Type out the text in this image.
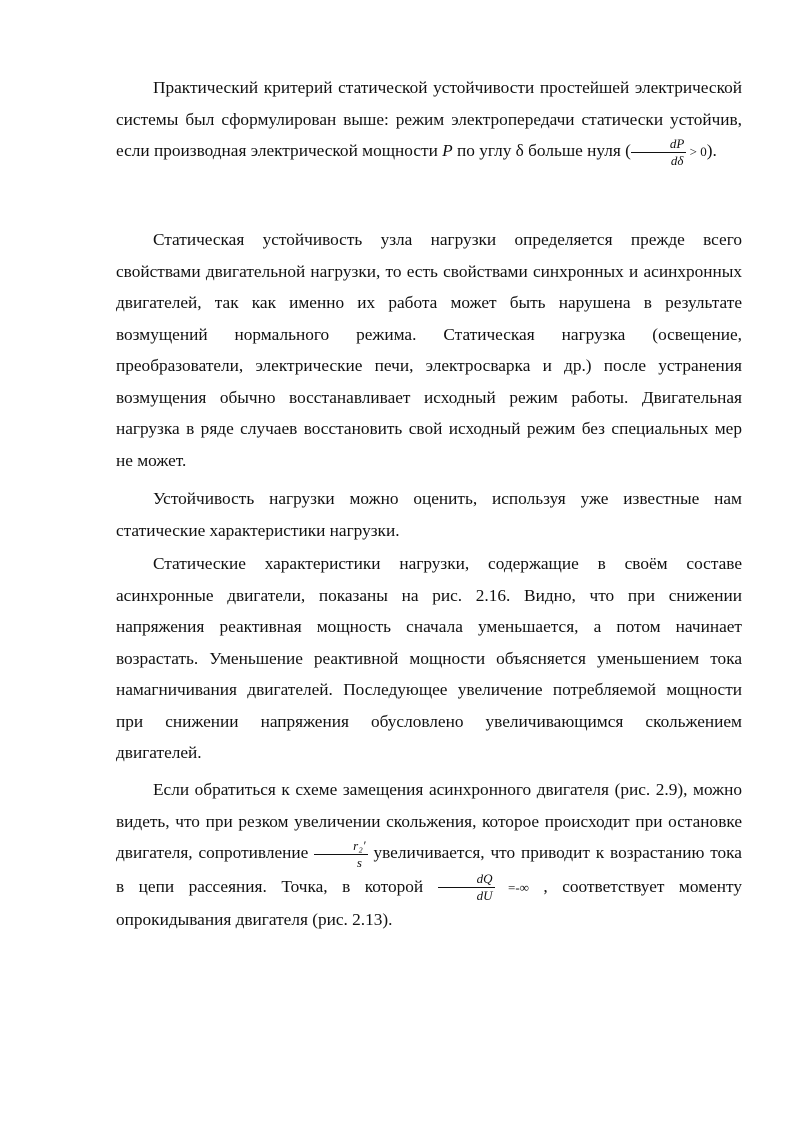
Практический критерий статической устойчивости простейшей электрической системы был сформулирован выше: режим электропередачи статически устойчив, если производная электрической мощности P по углу δ больше нуля ( $\frac{dP}{d\delta} > 0$).

Статическая устойчивость узла нагрузки определяется прежде всего свойствами двигательной нагрузки, то есть свойствами синхронных и асинхронных двигателей, так как именно их работа может быть нарушена в результате возмущений нормального режима. Статическая нагрузка (освещение, преобразователи, электрические печи, электросварка и др.) после устранения возмущения обычно восстанавливает исходный режим работы. Двигательная нагрузка в ряде случаев восстановить свой исходный режим без специальных мер не может.

Устойчивость нагрузки можно оценить, используя уже известные нам статические характеристики нагрузки.

Статические характеристики нагрузки, содержащие в своём составе асинхронные двигатели, показаны на рис. 2.16. Видно, что при снижении напряжения реактивная мощность сначала уменьшается, а потом начинает возрастать. Уменьшение реактивной мощности объясняется уменьшением тока намагничивания двигателей. Последующее увеличение потребляемой мощности при снижении напряжения обусловлено увеличивающимся скольжением двигателей.

Если обратиться к схеме замещения асинхронного двигателя (рис. 2.9), можно видеть, что при резком увеличении скольжения, которое происходит при остановке двигателя, сопротивление $\frac{\text{r₂′}}{s}$ увеличивается, что приводит к возрастанию тока в цепи рассеяния. Точка, в которой $\frac{dQ}{dU}$ =-∞ , соответствует моменту опрокидывания двигателя (рис. 2.13).
